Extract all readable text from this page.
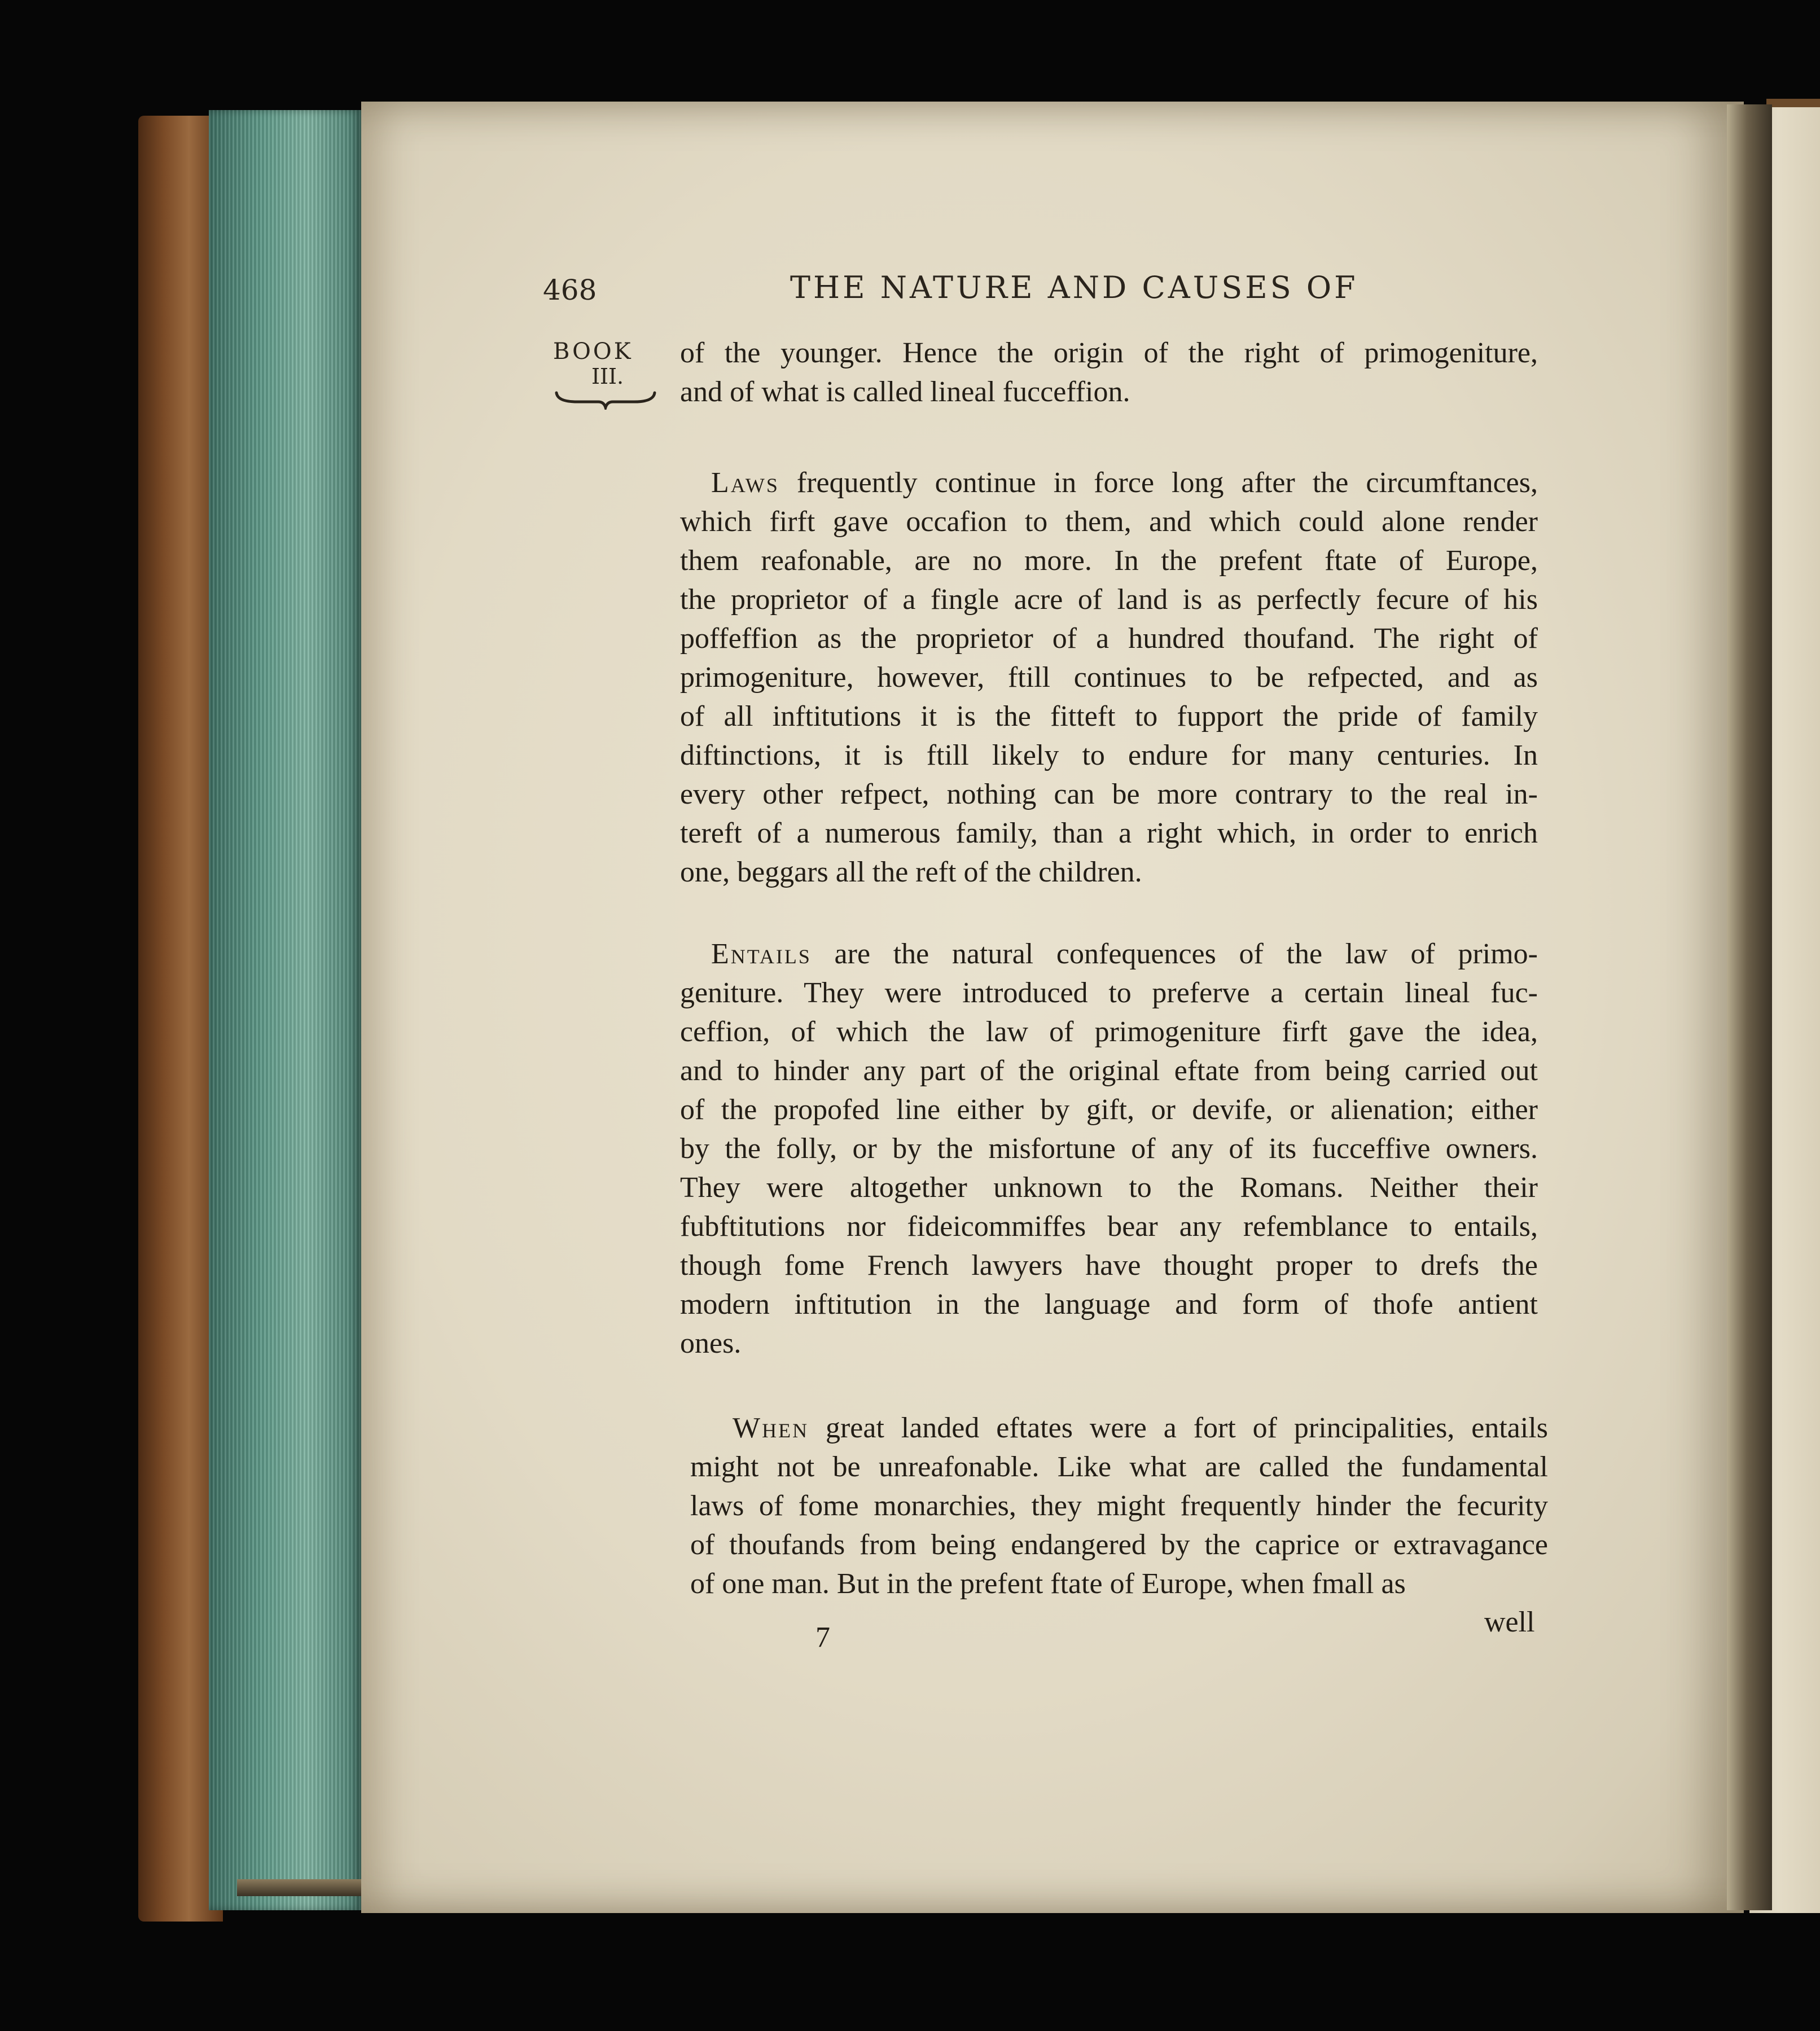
468	THE NATURE AND CAUSES OF

BOOK

III.

of the younger. Hence the origin of the right of primogeniture,

and of what is called lineal fucceffion.

Laws frequently continue in force long after the circumftances,

which firft gave occafion to them, and which could alone render

them reafonable, are no more. In the prefent ftate of Europe,

the proprietor of a fingle acre of land is as perfectly fecure of his

poffeffion as the proprietor of a hundred thoufand. The right of

primogeniture, however, ftill continues to be refpected, and as

of all inftitutions it is the fitteft to fupport the pride of family

diftinctions, it is ftill likely to endure for many centuries. In

every other refpect, nothing can be more contrary to the real in-

tereft of a numerous family, than a right which, in order to enrich

one, beggars all the reft of the children.

Entails are the natural confequences of the law of primo-

geniture. They were introduced to preferve a certain lineal fuc-

ceffion, of which the law of primogeniture firft gave the idea,

and to hinder any part of the original eftate from being carried out

of the propofed line either by gift, or devife, or alienation; either

by the folly, or by the misfortune of any of its fucceffive owners.

They were altogether unknown to the Romans. Neither their

fubftitutions nor fideicommiffes bear any refemblance to entails,

though fome French lawyers have thought proper to drefs the

modern inftitution in the language and form of thofe antient

ones.

When great landed eftates were a fort of principalities, entails

might not be unreafonable. Like what are called the fundamental

laws of fome monarchies, they might frequently hinder the fecurity

of thoufands from being endangered by the caprice or extravagance

of one man. But in the prefent ftate of Europe, when fmall as

7	well
